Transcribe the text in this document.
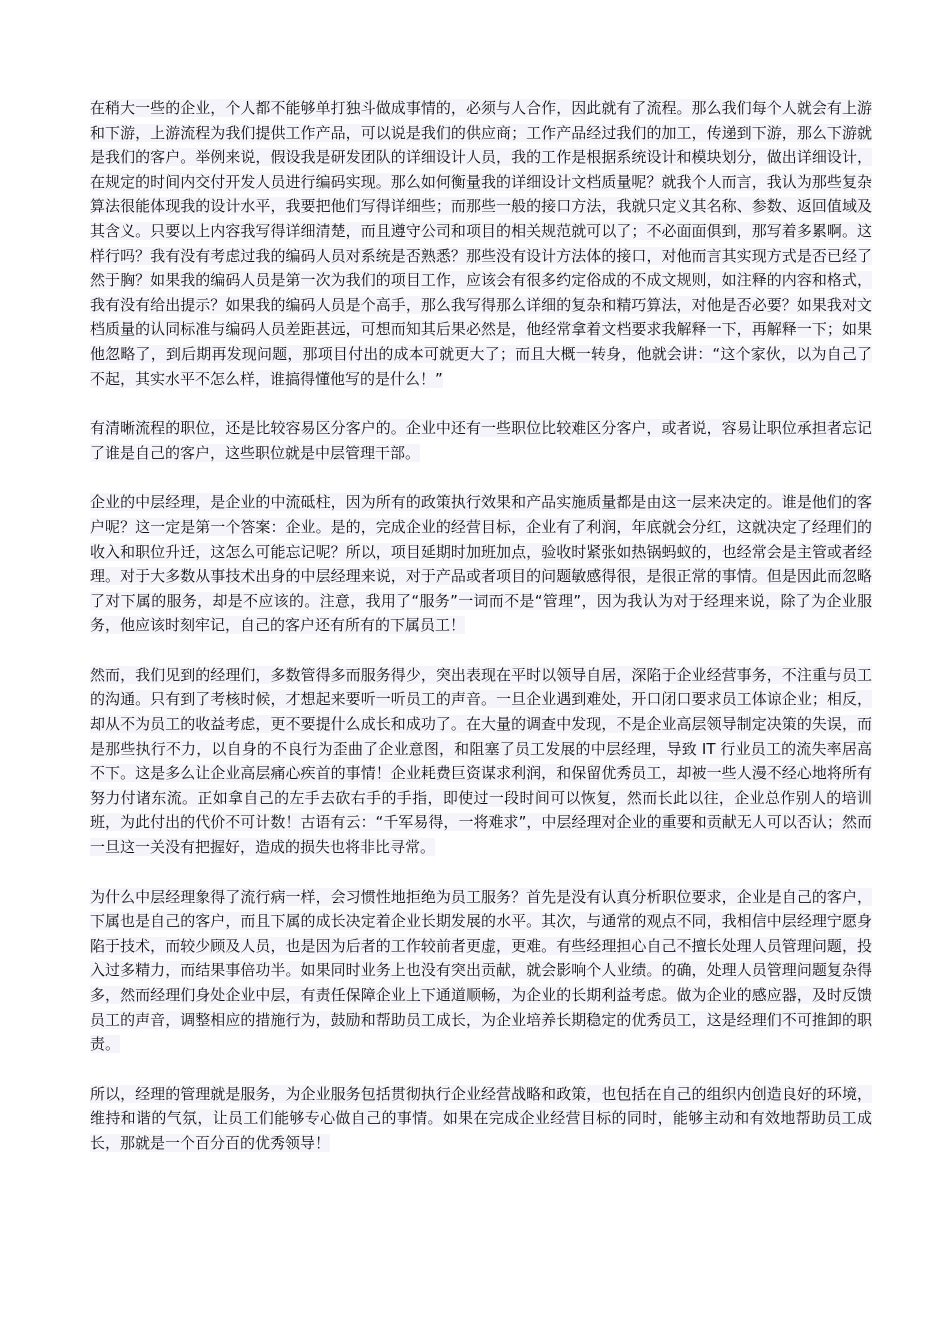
在稍大一些的企业，个人都不能够单打独斗做成事情的，必须与人合作，因此就有了流程。那么我们每个人就会有上游和下游，上游流程为我们提供工作产品，可以说是我们的供应商；工作产品经过我们的加工，传递到下游，那么下游就是我们的客户。举例来说，假设我是研发团队的详细设计人员，我的工作是根据系统设计和模块划分，做出详细设计，在规定的时间内交付开发人员进行编码实现。那么如何衡量我的详细设计文档质量呢？就我个人而言，我认为那些复杂算法很能体现我的设计水平，我要把他们写得详细些；而那些一般的接口方法，我就只定义其名称、参数、返回值域及其含义。只要以上内容我写得详细清楚，而且遵守公司和项目的相关规范就可以了；不必面面俱到，那写着多累啊。这样行吗？我有没有考虑过我的编码人员对系统是否熟悉？那些没有设计方法体的接口，对他而言其实现方式是否已经了然于胸？如果我的编码人员是第一次为我们的项目工作，应该会有很多约定俗成的不成文规则，如注释的内容和格式，我有没有给出提示？如果我的编码人员是个高手，那么我写得那么详细的复杂和精巧算法，对他是否必要？如果我对文档质量的认同标准与编码人员差距甚远，可想而知其后果必然是，他经常拿着文档要求我解释一下，再解释一下；如果他忽略了，到后期再发现问题，那项目付出的成本可就更大了；而且大概一转身，他就会讲：“这个家伙，以为自己了不起，其实水平不怎么样，谁搞得懂他写的是什么！”

有清晰流程的职位，还是比较容易区分客户的。企业中还有一些职位比较难区分客户，或者说，容易让职位承担者忘记了谁是自己的客户，这些职位就是中层管理干部。

企业的中层经理，是企业的中流砥柱，因为所有的政策执行效果和产品实施质量都是由这一层来决定的。谁是他们的客户呢？这一定是第一个答案：企业。是的，完成企业的经营目标，企业有了利润，年底就会分红，这就决定了经理们的收入和职位升迁，这怎么可能忘记呢？所以，项目延期时加班加点，验收时紧张如热锅蚂蚁的，也经常会是主管或者经理。对于大多数从事技术出身的中层经理来说，对于产品或者项目的问题敏感得很，是很正常的事情。但是因此而忽略了对下属的服务，却是不应该的。注意，我用了“服务”一词而不是“管理”，因为我认为对于经理来说，除了为企业服务，他应该时刻牢记，自己的客户还有所有的下属员工！

然而，我们见到的经理们，多数管得多而服务得少，突出表现在平时以领导自居，深陷于企业经营事务，不注重与员工的沟通。只有到了考核时候，才想起来要听一听员工的声音。一旦企业遇到难处，开口闭口要求员工体谅企业；相反，却从不为员工的收益考虑，更不要提什么成长和成功了。在大量的调查中发现，不是企业高层领导制定决策的失误，而是那些执行不力，以自身的不良行为歪曲了企业意图，和阻塞了员工发展的中层经理，导致 IT 行业员工的流失率居高不下。这是多么让企业高层痛心疾首的事情！企业耗费巨资谋求利润，和保留优秀员工，却被一些人漫不经心地将所有努力付诸东流。正如拿自己的左手去砍右手的手指，即使过一段时间可以恢复，然而长此以往，企业总作别人的培训班，为此付出的代价不可计数！古语有云：“千军易得，一将难求”，中层经理对企业的重要和贡献无人可以否认；然而一旦这一关没有把握好，造成的损失也将非比寻常。

为什么中层经理象得了流行病一样，会习惯性地拒绝为员工服务？首先是没有认真分析职位要求，企业是自己的客户，下属也是自己的客户，而且下属的成长决定着企业长期发展的水平。其次，与通常的观点不同，我相信中层经理宁愿身陷于技术，而较少顾及人员，也是因为后者的工作较前者更虚，更难。有些经理担心自己不擅长处理人员管理问题，投入过多精力，而结果事倍功半。如果同时业务上也没有突出贡献，就会影响个人业绩。的确，处理人员管理问题复杂得多，然而经理们身处企业中层，有责任保障企业上下通道顺畅，为企业的长期利益考虑。做为企业的感应器，及时反馈员工的声音，调整相应的措施行为，鼓励和帮助员工成长，为企业培养长期稳定的优秀员工，这是经理们不可推卸的职责。

所以，经理的管理就是服务，为企业服务包括贯彻执行企业经营战略和政策，也包括在自己的组织内创造良好的环境，维持和谐的气氛，让员工们能够专心做自己的事情。如果在完成企业经营目标的同时，能够主动和有效地帮助员工成长，那就是一个百分百的优秀领导！
